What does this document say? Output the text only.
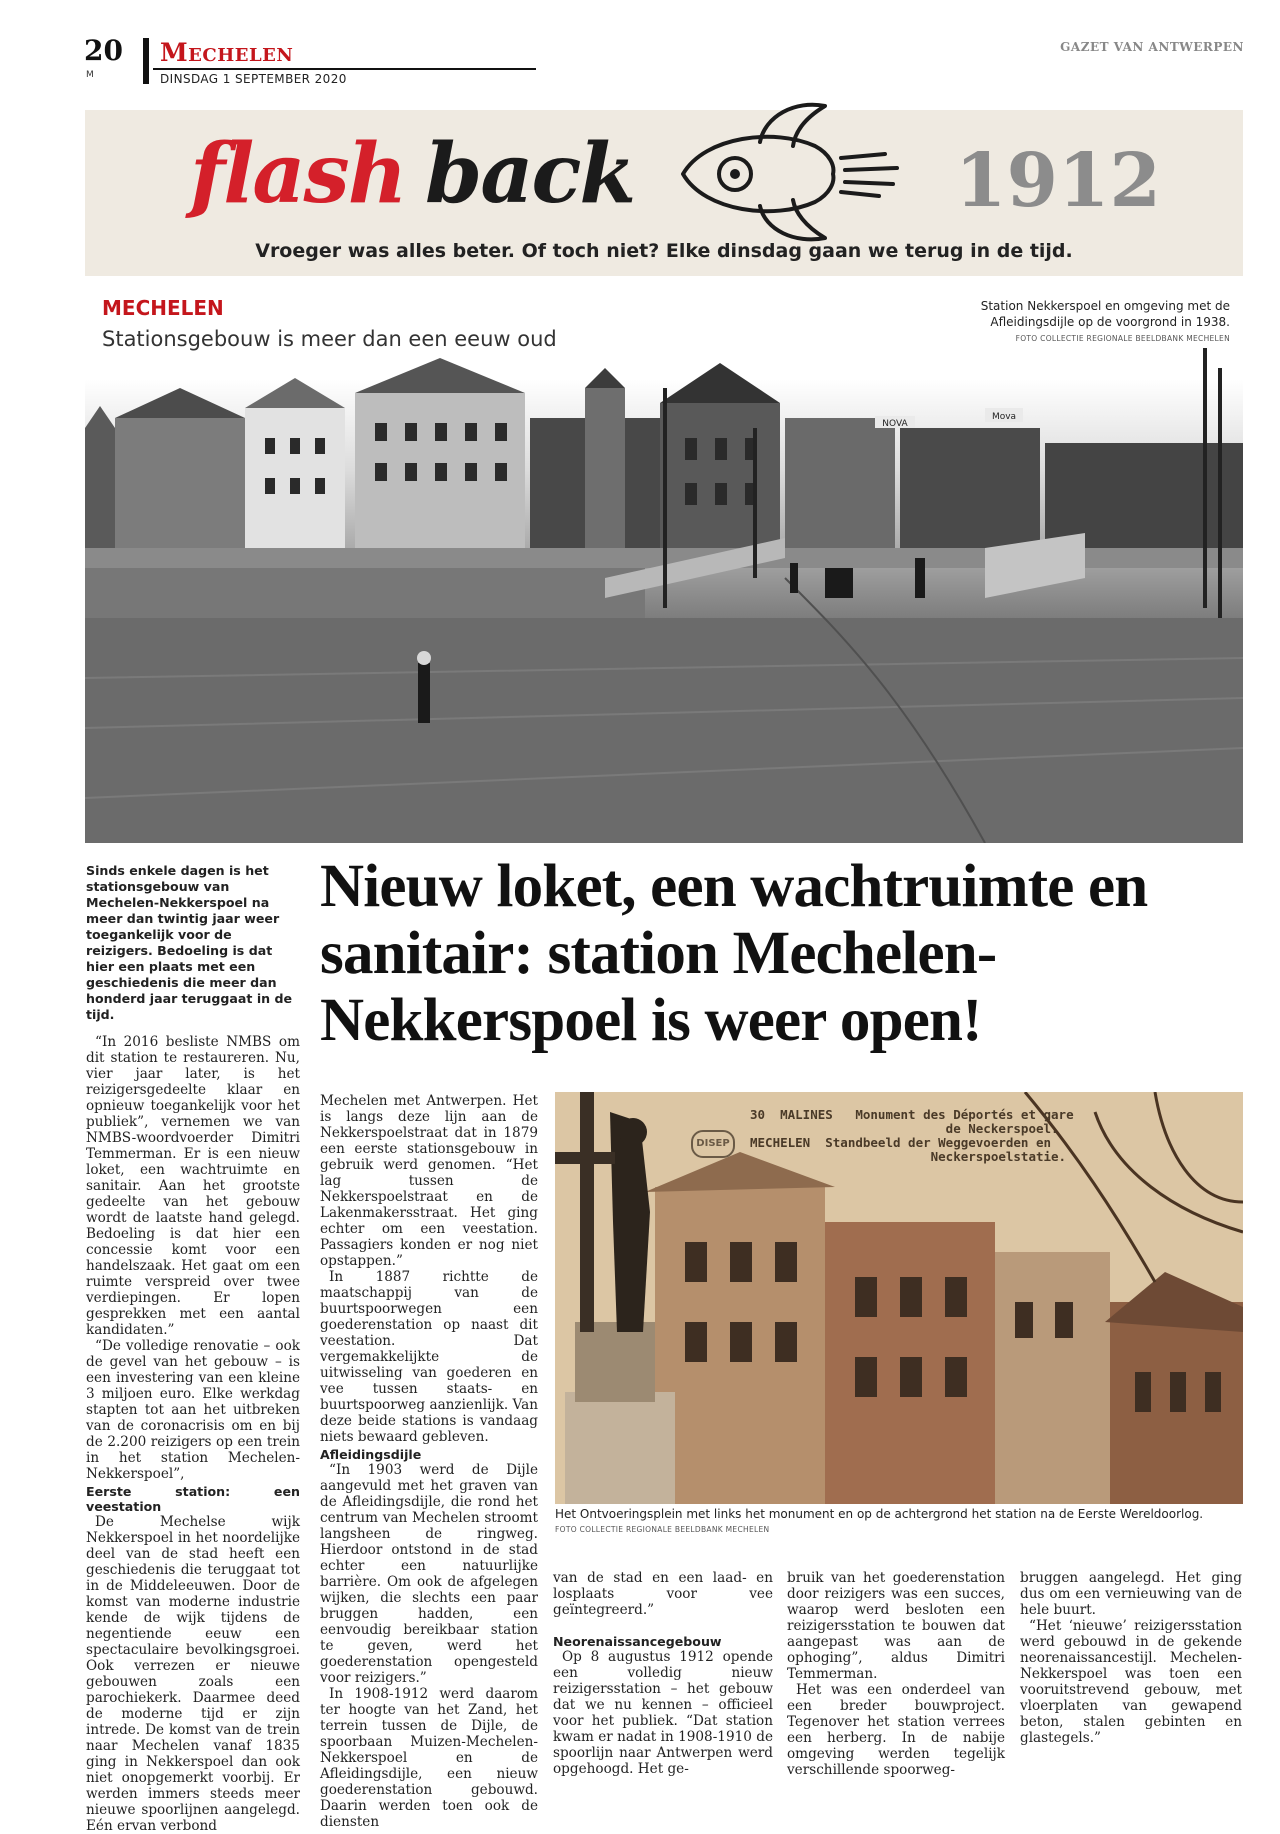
20
M
Mechelen
DINSDAG 1 SEPTEMBER 2020
GAZET VAN ANTWERPEN
flash back	1912
Vroeger was alles beter. Of toch niet? Elke dinsdag gaan we terug in de tijd.
NOVA
Mova
MECHELEN
Stationsgebouw is meer dan een eeuw oud
Station Nekkerspoel en omgeving met de Afleidingsdijle op de voorgrond in 1938.
FOTO COLLECTIE REGIONALE BEELDBANK MECHELEN
Sinds enkele dagen is het stationsgebouw van Mechelen-Nekkerspoel na meer dan twintig jaar weer toegankelijk voor de reizigers. Bedoeling is dat hier een plaats met een geschiedenis die meer dan honderd jaar teruggaat in de tijd.
Nieuw loket, een wachtruimte en sanitair: station Mechelen-Nekkerspoel is weer open!

“In 2016 besliste NMBS om dit station te restaureren. Nu, vier jaar later, is het reizigersgedeelte klaar en opnieuw toegankelijk voor het publiek”, vernemen we van NMBS-woordvoerder Dimitri Temmerman. Er is een nieuw loket, een wachtruimte en sanitair. Aan het grootste gedeelte van het gebouw wordt de laatste hand gelegd. Bedoeling is dat hier een concessie komt voor een handelszaak. Het gaat om een ruimte verspreid over twee verdiepingen. Er lopen gesprekken met een aantal kandidaten.”

“De volledige renovatie – ook de gevel van het gebouw – is een investering van een kleine 3 miljoen euro. Elke werkdag stapten tot aan het uitbreken van de coronacrisis om en bij de 2.200 reizigers op een trein in het station Mechelen-Nekkerspoel”,

Eerste station: een veestation

De Mechelse wijk Nekkerspoel in het noordelijke deel van de stad heeft een geschiedenis die teruggaat tot in de Middeleeuwen. Door de komst van moderne industrie kende de wijk tijdens de negentiende eeuw een spectaculaire bevolkingsgroei. Ook verrezen er nieuwe gebouwen zoals een parochiekerk. Daarmee deed de moderne tijd er zijn intrede. De komst van de trein naar Mechelen vanaf 1835 ging in Nekkerspoel dan ook niet onopgemerkt voorbij. Er werden immers steeds meer nieuwe spoorlijnen aangelegd. Eén ervan verbond

Mechelen met Antwerpen. Het is langs deze lijn aan de Nekkerspoelstraat dat in 1879 een eerste stationsgebouw in gebruik werd genomen. “Het lag tussen de Nekkerspoelstraat en de Lakenmakersstraat. Het ging echter om een veestation. Passagiers konden er nog niet opstappen.”

In 1887 richtte de maatschappij van de buurtspoorwegen een goederenstation op naast dit veestation. Dat vergemakkelijkte de uitwisseling van goederen en vee tussen staats- en buurtspoorweg aanzienlijk. Van deze beide stations is vandaag niets bewaard gebleven.

Afleidingsdijle

“In 1903 werd de Dijle aangevuld met het graven van de Afleidingsdijle, die rond het centrum van Mechelen stroomt langsheen de ringweg. Hierdoor ontstond in de stad echter een natuurlijke barrière. Om ook de afgelegen wijken, die slechts een paar bruggen hadden, een eenvoudig bereikbaar station te geven, werd het goederenstation opengesteld voor reizigers.”

In 1908-1912 werd daarom ter hoogte van het Zand, het terrein tussen de Dijle, de spoorbaan Muizen-Mechelen-Nekkerspoel en de Afleidingsdijle, een nieuw goederenstation gebouwd. Daarin werden toen ook de diensten

DISEP
30  MALINES   Monument des Déportés et gare
de Neckerspoel.
MECHELEN  Standbeeld der Weggevoerden en
Neckerspoelstatie.
Het Ontvoeringsplein met links het monument en op de achtergrond het station na de Eerste Wereldoorlog.
FOTO COLLECTIE REGIONALE BEELDBANK MECHELEN

van de stad en een laad- en losplaats voor vee geïntegreerd.”

Neorenaissancegebouw

Op 8 augustus 1912 opende een volledig nieuw reizigersstation – het gebouw dat we nu kennen – officieel voor het publiek. “Dat station kwam er nadat in 1908-1910 de spoorlijn naar Antwerpen werd opgehoogd. Het ge-

bruik van het goederenstation door reizigers was een succes, waarop werd besloten een reizigersstation te bouwen dat aangepast was aan de ophoging”, aldus Dimitri Temmerman.

Het was een onderdeel van een breder bouwproject. Tegenover het station verrees een herberg. In de nabije omgeving werden tegelijk verschillende spoorweg-

bruggen aangelegd. Het ging dus om een vernieuwing van de hele buurt.

“Het ‘nieuwe’ reizigersstation werd gebouwd in de gekende neorenaissancestijl. Mechelen-Nekkerspoel was toen een vooruitstrevend gebouw, met vloerplaten van gewapend beton, stalen gebinten en glastegels.”
